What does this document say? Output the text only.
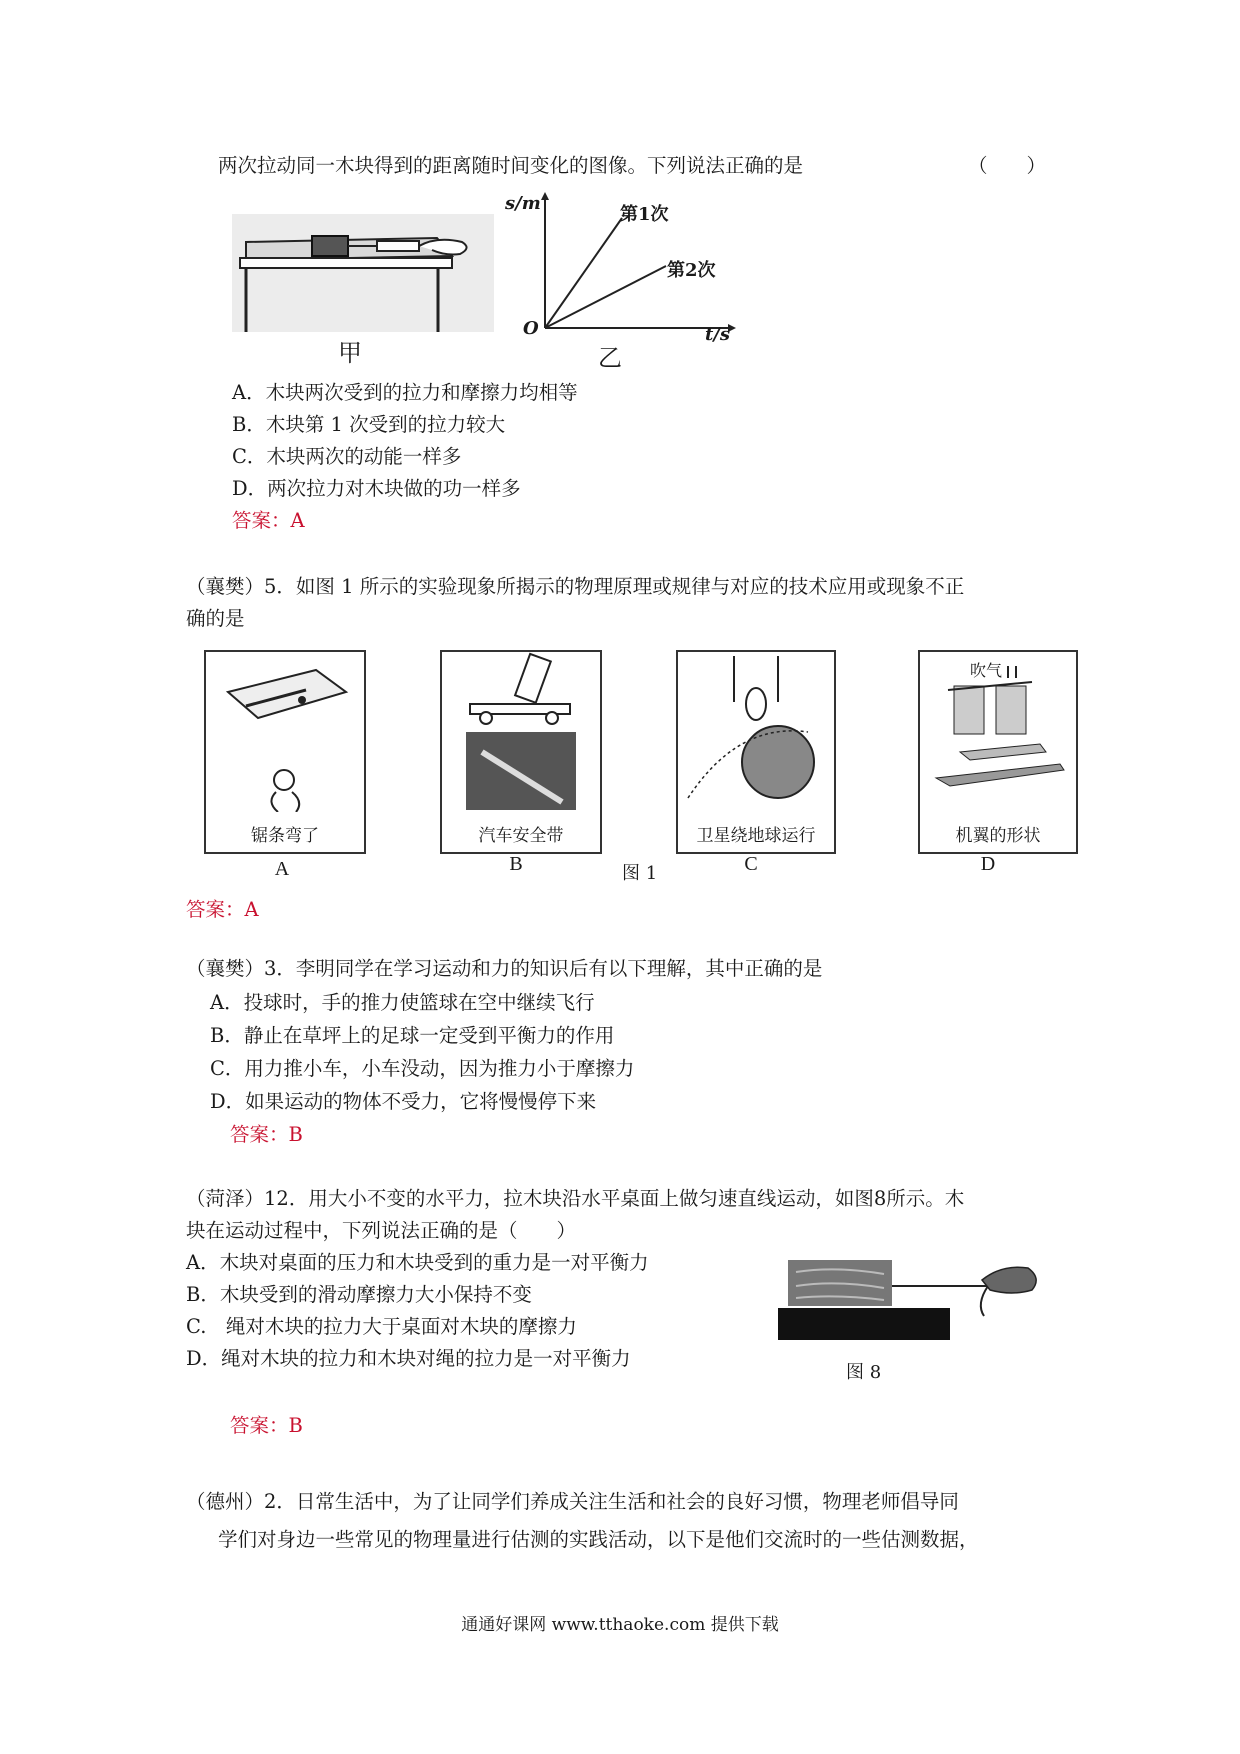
两次拉动同一木块得到的距离随时间变化的图像。下列说法正确的是	（　　）
甲
s/m
t/s
O
第1次
第2次
乙
A．木块两次受到的拉力和摩擦力均相等
B．木块第 1 次受到的拉力较大
C．木块两次的动能一样多
D．两次拉力对木块做的功一样多
答案：A
（襄樊）5．如图 1 所示的实验现象所揭示的物理原理或规律与对应的技术应用或现象不正
确的是
锯条弯了
A
汽车安全带
B
卫星绕地球运行
C
吹气
机翼的形状
D
图 1
答案：A
（襄樊）3．李明同学在学习运动和力的知识后有以下理解，其中正确的是
A．投球时，手的推力使篮球在空中继续飞行
B．静止在草坪上的足球一定受到平衡力的作用
C．用力推小车，小车没动，因为推力小于摩擦力
D．如果运动的物体不受力，它将慢慢停下来
答案：B
（菏泽）12．用大小不变的水平力，拉木块沿水平桌面上做匀速直线运动，如图8所示。木
块在运动过程中，下列说法正确的是（　　）
A．木块对桌面的压力和木块受到的重力是一对平衡力
B．木块受到的滑动摩擦力大小保持不变
C.　绳对木块的拉力大于桌面对木块的摩擦力
D．绳对木块的拉力和木块对绳的拉力是一对平衡力
图 8
答案：B
（德州）2．日常生活中，为了让同学们养成关注生活和社会的良好习惯，物理老师倡导同
学们对身边一些常见的物理量进行估测的实践活动，以下是他们交流时的一些估测数据，
通通好课网 www.tthaoke.com 提供下载
